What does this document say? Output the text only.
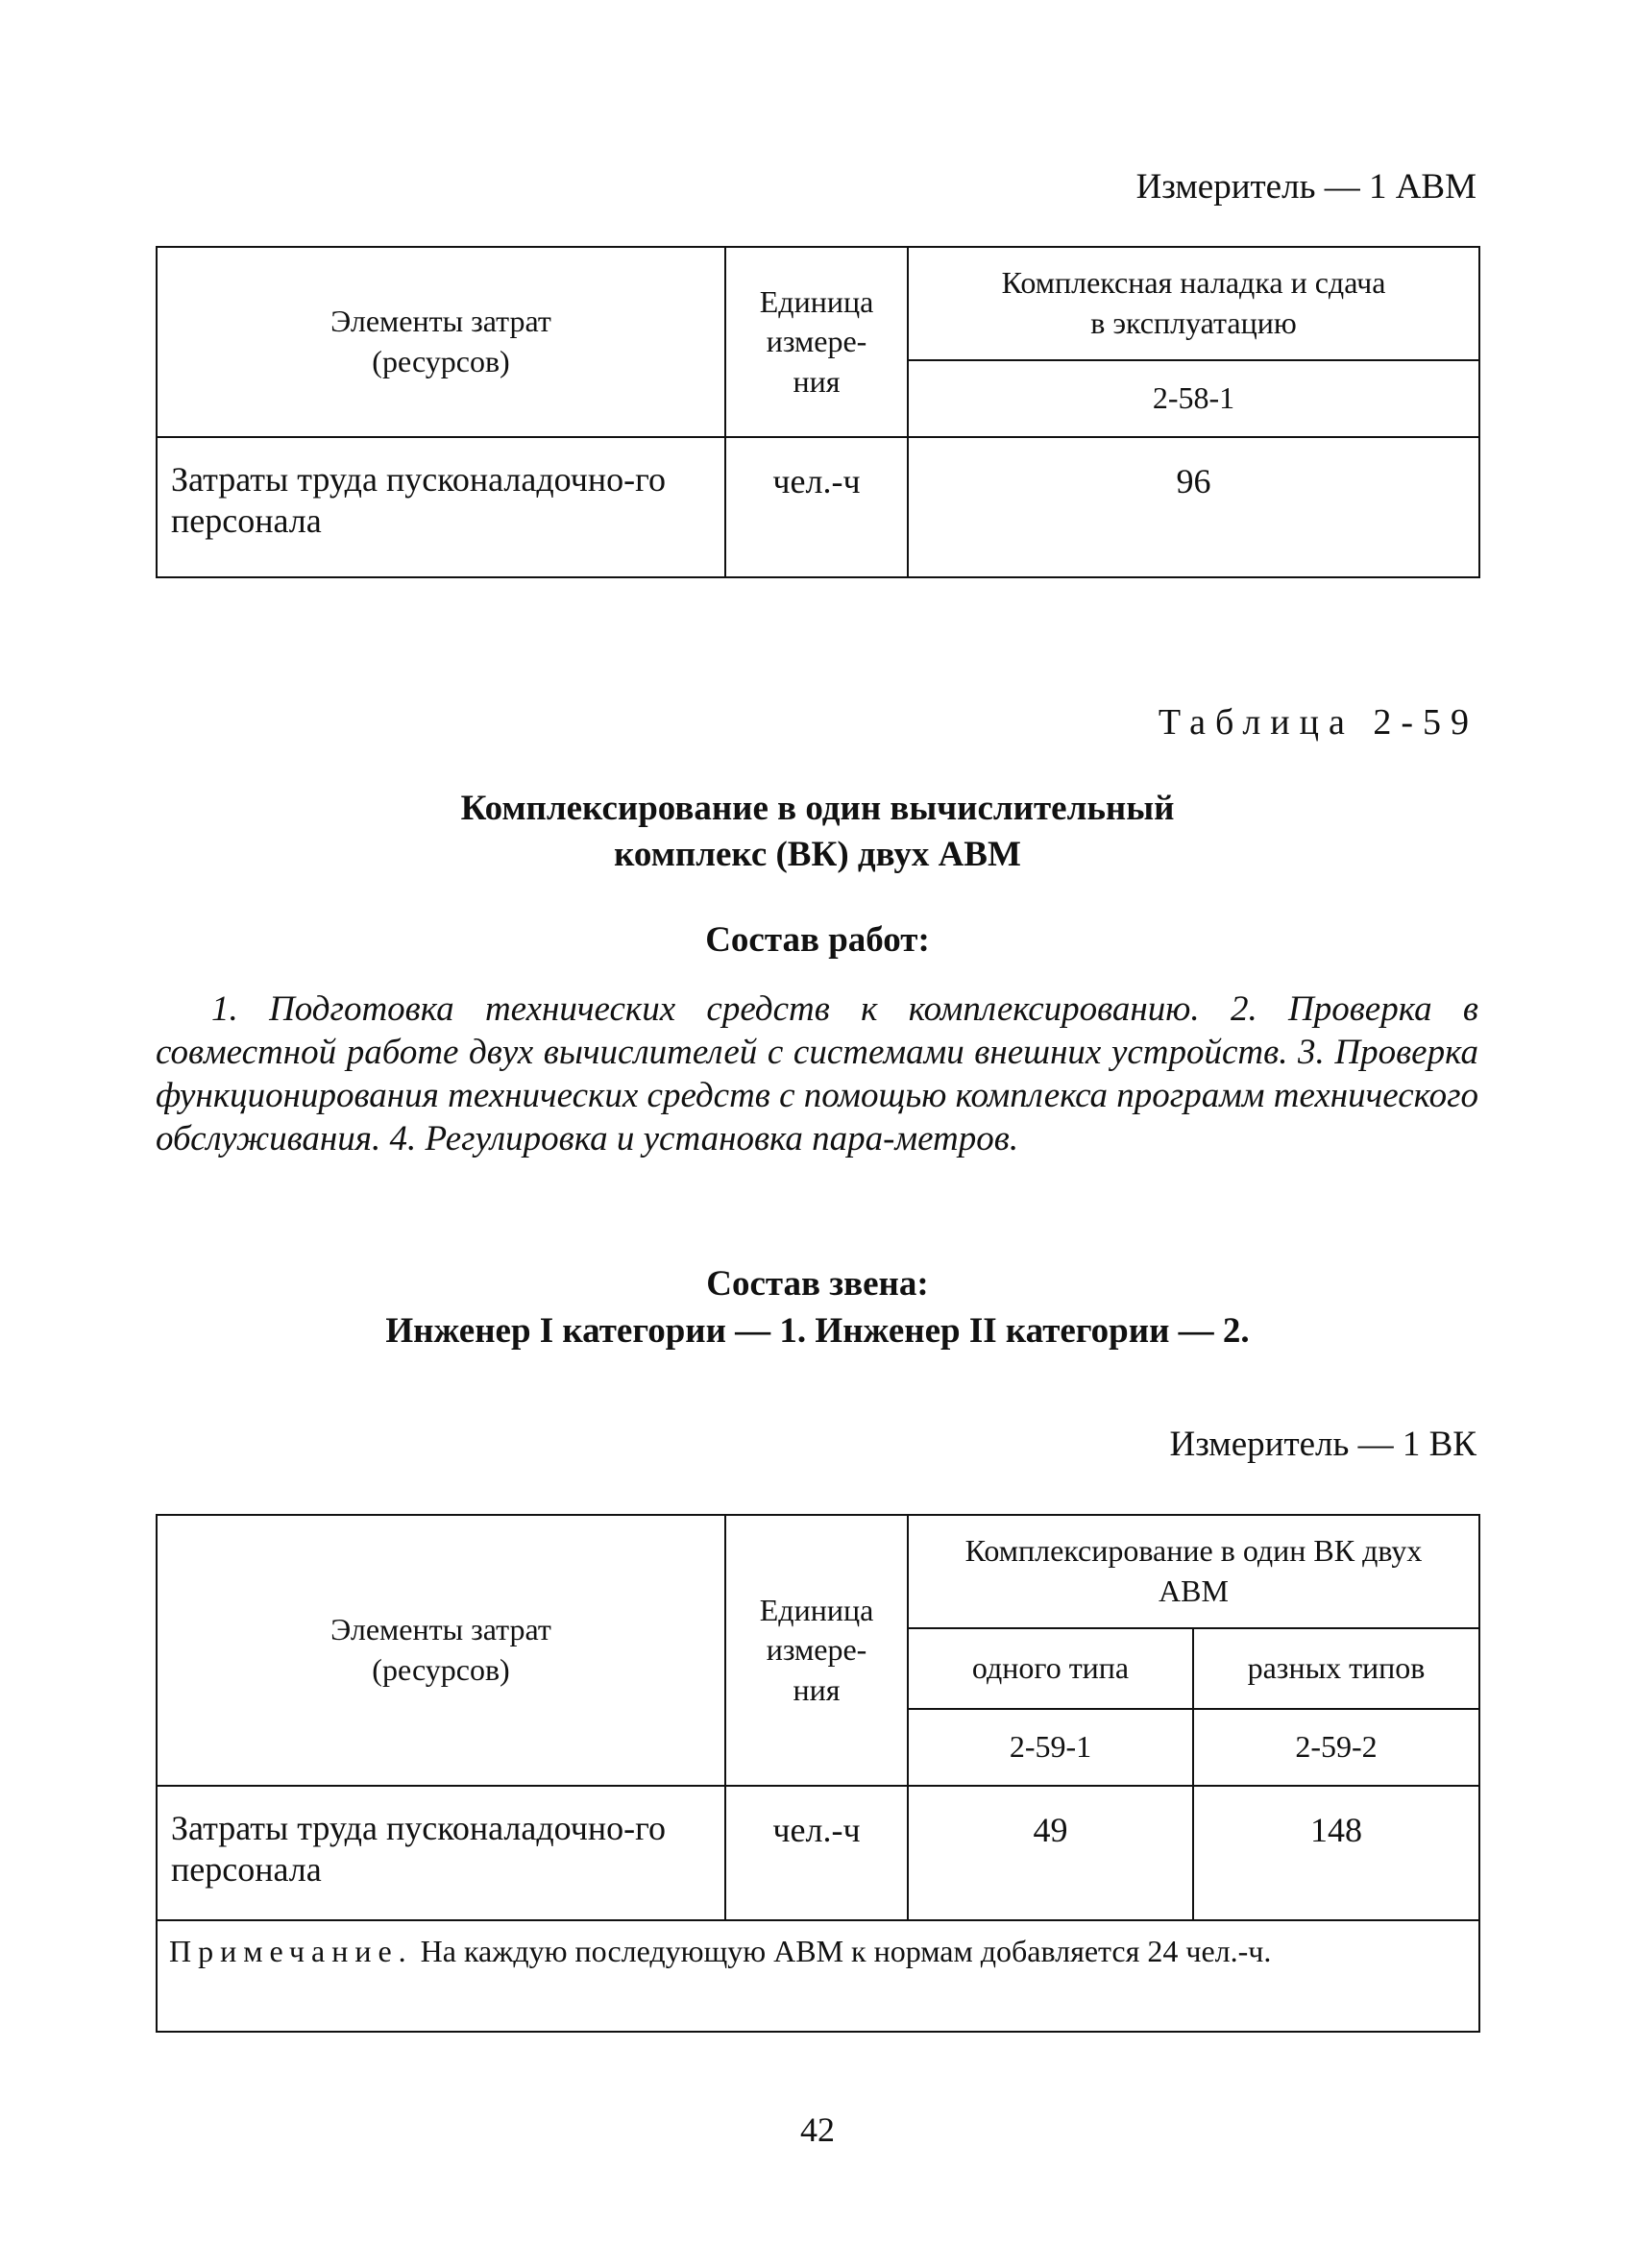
Измеритель — 1 АВМ
Элементы затрат (ресурсов)	Единица измере-ния	Комплексная наладка и сдача в эксплуатацию
		2-58-1
Затраты труда пусконаладочно-го персонала	чел.-ч	96
Таблица 2-59
Комплексирование в один вычислительный
комплекс (ВК) двух АВМ
Состав работ:
1. Подготовка технических средств к комплексированию. 2. Проверка в совместной работе двух вычислителей с системами внешних устройств. 3. Проверка функционирования технических средств с помощью комплекса программ технического обслуживания. 4. Регулировка и установка пара-метров.
Состав звена:
Инженер I категории — 1. Инженер II категории — 2.
Измеритель — 1 ВК
Элементы затрат (ресурсов)	Единица измере-ния	Комплексирование в один ВК двух АВМ	
		одного типа	разных типов
		2-59-1	2-59-2
Затраты труда пусконаладочно-го персонала	чел.-ч	49	148
Примечание. На каждую последующую АВМ к нормам добавляется 24 чел.-ч.			
42
